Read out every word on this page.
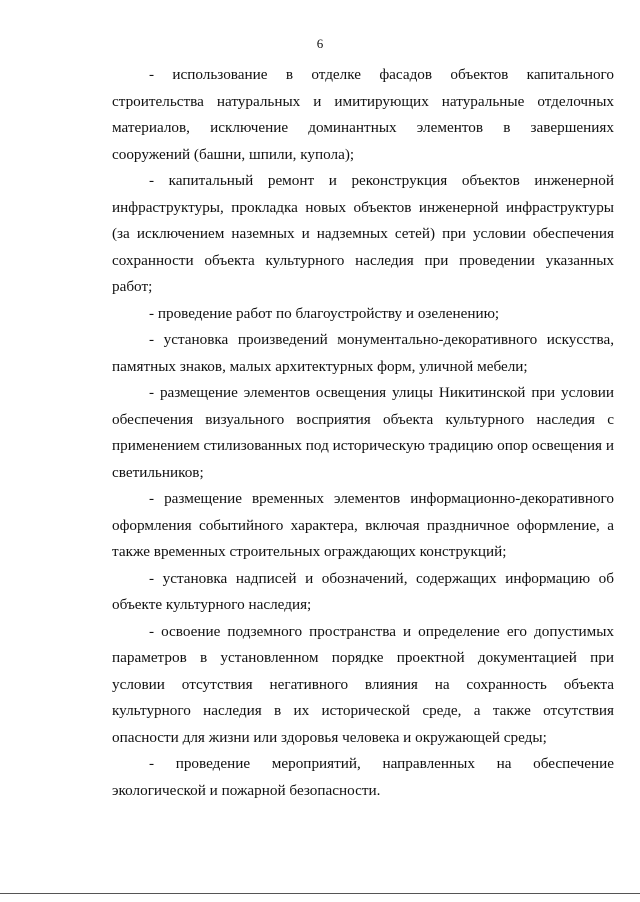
6

- использование в отделке фасадов объектов капитального строительства натуральных и имитирующих натуральные отделочных материалов, исключение доминантных элементов в завершениях сооружений (башни, шпили, купола);

- капитальный ремонт и реконструкция объектов инженерной инфраструктуры, прокладка новых объектов инженерной инфраструктуры (за исключением наземных и надземных сетей) при условии обеспечения сохранности объекта культурного наследия при проведении указанных работ;

- проведение работ по благоустройству и озеленению;

- установка произведений монументально-декоративного искусства, памятных знаков, малых архитектурных форм, уличной мебели;

- размещение элементов освещения улицы Никитинской при условии обеспечения визуального восприятия объекта культурного наследия с применением стилизованных под историческую традицию опор освещения и светильников;

- размещение временных элементов информационно-декоративного оформления событийного характера, включая праздничное оформление, а также временных строительных ограждающих конструкций;

- установка надписей и обозначений, содержащих информацию об объекте культурного наследия;

- освоение подземного пространства и определение его допустимых параметров в установленном порядке проектной документацией при условии отсутствия негативного влияния на сохранность объекта культурного наследия в их исторической среде, а также отсутствия опасности для жизни или здоровья человека и окружающей среды;

- проведение мероприятий, направленных на обеспечение экологической и пожарной безопасности.
